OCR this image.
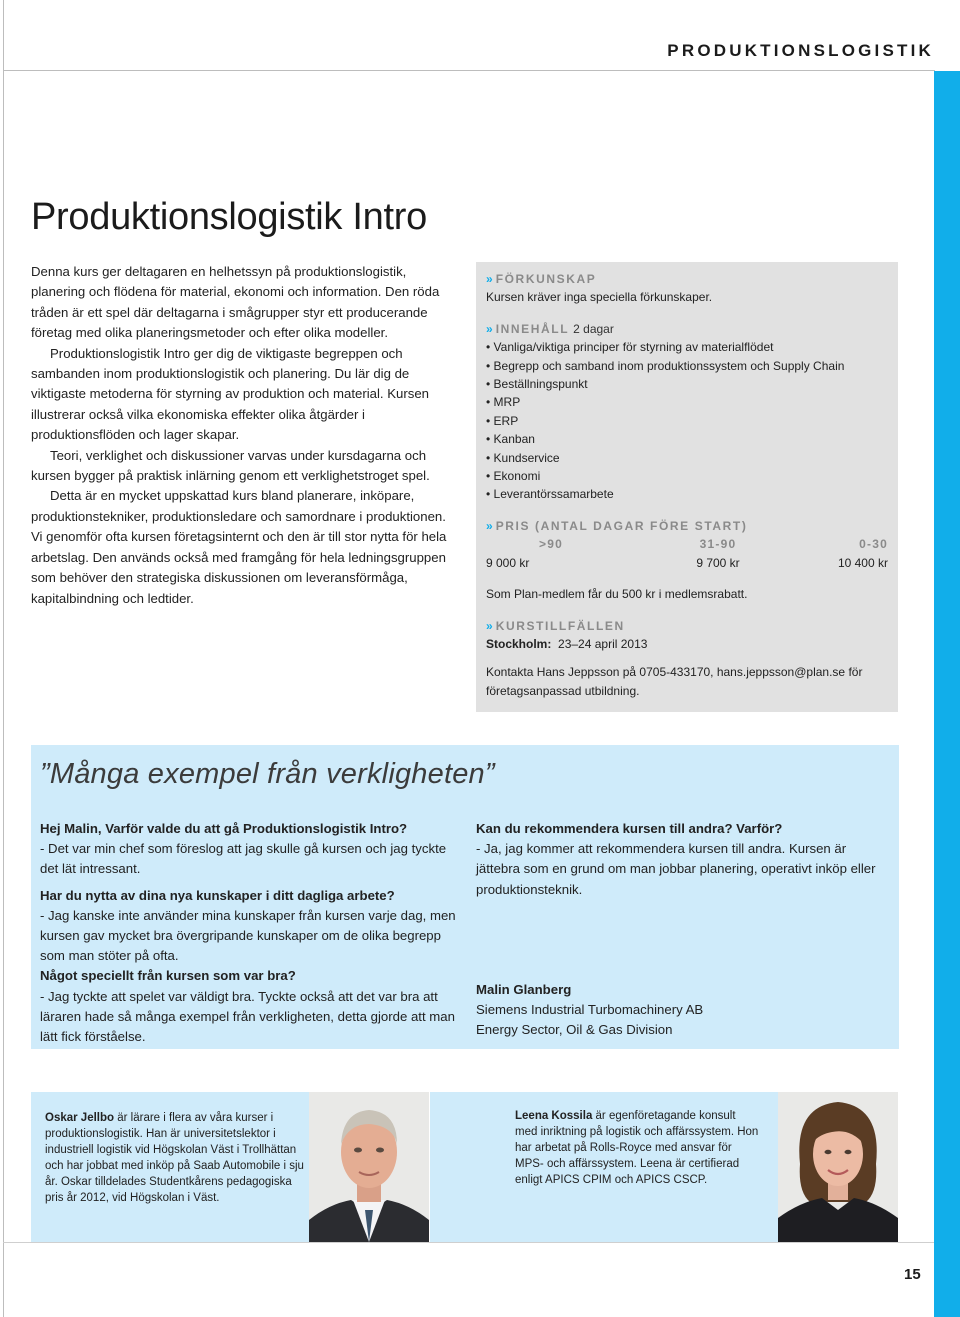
PRODUKTIONSLOGISTIK
Produktionslogistik Intro

Denna kurs ger deltagaren en helhetssyn på produktionslogistik, planering och flödena för material, ekonomi och information. Den röda tråden är ett spel där deltagarna i smågrupper styr ett producerande företag med olika planeringsmetoder och efter olika modeller.

Produktionslogistik Intro ger dig de viktigaste begreppen och sambanden inom produktionslogistik och planering. Du lär dig de viktigaste metoderna för styrning av produktion och material. Kursen illustrerar också vilka ekonomiska effekter olika åtgärder i produktionsflöden och lager skapar.

Teori, verklighet och diskussioner varvas under kursdagarna och kursen bygger på praktisk inlärning genom ett verklighetstroget spel.

Detta är en mycket uppskattad kurs bland planerare, inköpare, produktionstekniker, produktionsledare och samordnare i produktionen. Vi genomför ofta kursen företagsinternt och den är till stor nytta för hela arbetslag. Den används också med framgång för hela ledningsgruppen som behöver den strategiska diskussionen om leveransförmåga, kapitalbindning och ledtider.

» FÖRKUNSKAP
Kursen kräver inga speciella förkunskaper.
» INNEHÅLL 2 dagar
• Vanliga/viktiga principer för styrning av materialflödet
• Begrepp och samband inom produktionssystem och Supply Chain
• Beställningspunkt
• MRP
• ERP
• Kanban
• Kundservice
• Ekonomi
• Leverantörssamarbete
» PRIS (ANTAL DAGAR FÖRE START)
>90	31-90	0-30
9 000 kr	9 700 kr	10 400 kr
Som Plan-medlem får du 500 kr i medlemsrabatt.
» KURSTILLFÄLLEN
Stockholm: 23–24 april 2013
Kontakta Hans Jeppsson på 0705-433170, hans.jeppsson@plan.se för företagsanpassad utbildning.
”Många exempel från verkligheten”

Hej Malin, Varför valde du att gå Produktionslogistik Intro?

- Det var min chef som föreslog att jag skulle gå kursen och jag tyckte det lät intressant.

Har du nytta av dina nya kunskaper i ditt dagliga arbete?

- Jag kanske inte använder mina kunskaper från kursen varje dag, men kursen gav mycket bra övergripande kunskaper om de olika begrepp som man stöter på ofta.

Något speciellt från kursen som var bra?

- Jag tyckte att spelet var väldigt bra. Tyckte också att det var bra att läraren hade så många exempel från verkligheten, detta gjorde att man lätt fick förståelse.

Kan du rekommendera kursen till andra? Varför?

- Ja, jag kommer att rekommendera kursen till andra. Kursen är jättebra som en grund om man jobbar planering, operativt inköp eller produktionsteknik.

Malin Glanberg

Siemens Industrial Turbomachinery AB

Energy Sector, Oil & Gas Division

Oskar Jellbo är lärare i flera av våra kurser i produktionslogistik. Han är universitetslektor i industriell logistik vid Högskolan Väst i Trollhättan och har jobbat med inköp på Saab Automobile i sju år. Oskar tilldelades Studentkårens pedagogiska pris år 2012, vid Högskolan i Väst.
Leena Kossila är egenföretagande konsult med inriktning på logistik och affärssystem. Hon har arbetat på Rolls-Royce med ansvar för MPS- och affärssystem. Leena är certifierad enligt APICS CPIM och APICS CSCP.
15
